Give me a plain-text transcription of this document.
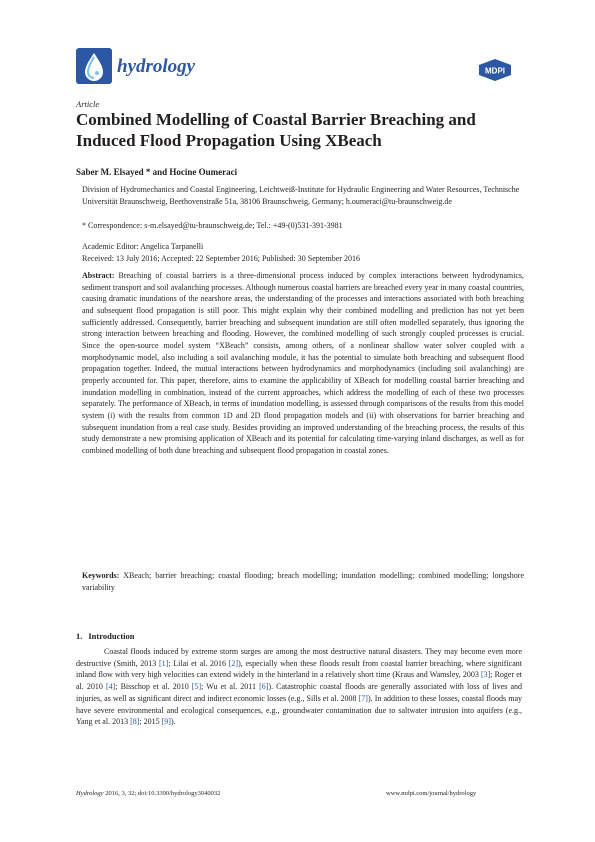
hydrology	MDPI
Article
Combined Modelling of Coastal Barrier Breaching and Induced Flood Propagation Using XBeach
Saber M. Elsayed * and Hocine Oumeraci
Division of Hydromechanics and Coastal Engineering, Leichtweiß-Institute for Hydraulic Engineering and Water Resources, Technische Universität Braunschweig, Beethovenstraße 51a, 38106 Braunschweig, Germany; h.oumeraci@tu-braunschweig.de
* Correspondence: s-m.elsayed@tu-braunschweig.de; Tel.: +49-(0)531-391-3981
Academic Editor: Angelica Tarpanelli
Received: 13 July 2016; Accepted: 22 September 2016; Published: 30 September 2016

Abstract: Breaching of coastal barriers is a three-dimensional process induced by complex interactions between hydrodynamics, sediment transport and soil avalanching processes. Although numerous coastal barriers are breached every year in many coastal countries, causing dramatic inundations of the nearshore areas, the understanding of the processes and interactions associated with both breaching and subsequent flood propagation is still poor. This might explain why their combined modelling and prediction has not yet been sufficiently addressed. Consequently, barrier breaching and subsequent inundation are still often modelled separately, thus ignoring the strong interaction between breaching and flooding. However, the combined modelling of such strongly coupled processes is crucial. Since the open-source model system “XBeach” consists, among others, of a nonlinear shallow water solver coupled with a morphodynamic model, also including a soil avalanching module, it has the potential to simulate both breaching and subsequent flood propagation together. Indeed, the mutual interactions between hydrodynamics and morphodynamics (including soil avalanching) are properly accounted for. This paper, therefore, aims to examine the applicability of XBeach for modelling coastal barrier breaching and inundation modelling in combination, instead of the current approaches, which address the modelling of each of these two processes separately. The performance of XBeach, in terms of inundation modelling, is assessed through comparisons of the results from this model system (i) with the results from common 1D and 2D flood propagation models and (ii) with observations for barrier breaching and subsequent inundation from a real case study. Besides providing an improved understanding of the breaching process, the results of this study demonstrate a new promising application of XBeach and its potential for calculating time-varying inland discharges, as well as for combined modelling of both dune breaching and subsequent flood propagation in coastal zones.

Keywords: XBeach; barrier breaching; coastal flooding; breach modelling; inundation modelling; combined modelling; longshore variability

1. Introduction

Coastal floods induced by extreme storm surges are among the most destructive natural disasters. They may become even more destructive (Smith, 2013 [1]; Lilai et al. 2016 [2]), especially when these floods result from coastal barrier breaching, where significant inland flow with very high velocities can extend widely in the hinterland in a relatively short time (Kraus and Wamsley, 2003 [3]; Roger et al. 2010 [4]; Bisschop et al. 2010 [5]; Wu et al. 2011 [6]). Catastrophic coastal floods are generally associated with loss of lives and injuries, as well as significant direct and indirect economic losses (e.g., Sills et al. 2008 [7]). In addition to these losses, coastal floods may have severe environmental and ecological consequences, e.g., groundwater contamination due to saltwater intrusion into aquifers (e.g., Yang et al. 2013 [8]; 2015 [9]).

Hydrology 2016, 3, 32; doi:10.3390/hydrology3040032	www.mdpi.com/journal/hydrology
